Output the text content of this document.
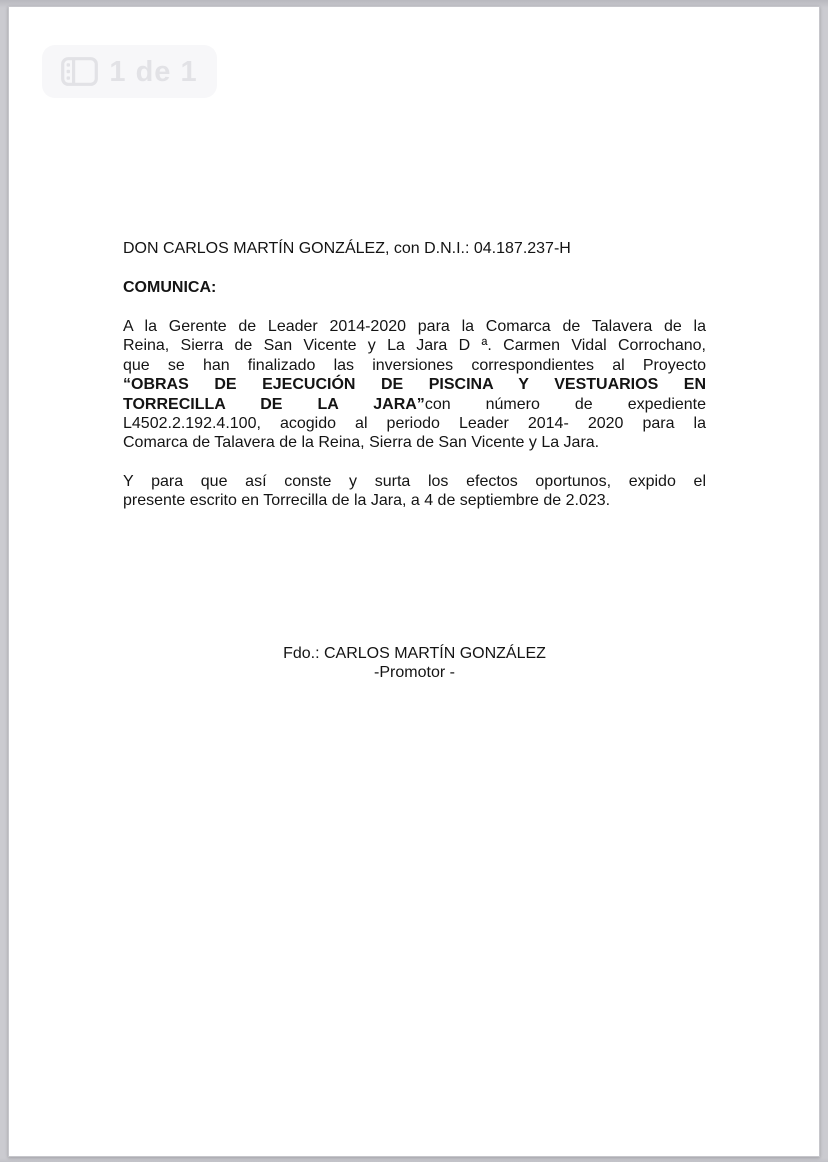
1 de 1
DON CARLOS MARTÍN GONZÁLEZ, con D.N.I.: 04.187.237-H
COMUNICA:
A la Gerente de Leader 2014-2020 para la Comarca de Talavera de la
Reina, Sierra de San Vicente y La Jara D ª. Carmen Vidal Corrochano,
que se han finalizado las inversiones correspondientes al Proyecto
“OBRAS DE EJECUCIÓN DE PISCINA Y VESTUARIOS EN
TORRECILLA DE LA JARA”con número de expediente
L4502.2.192.4.100, acogido al periodo Leader 2014- 2020 para la
Comarca de Talavera de la Reina, Sierra de San Vicente y La Jara.
Y para que así conste y surta los efectos oportunos, expido el
presente escrito en Torrecilla de la Jara, a 4 de septiembre de 2.023.
Fdo.: CARLOS MARTÍN GONZÁLEZ
-Promotor -
